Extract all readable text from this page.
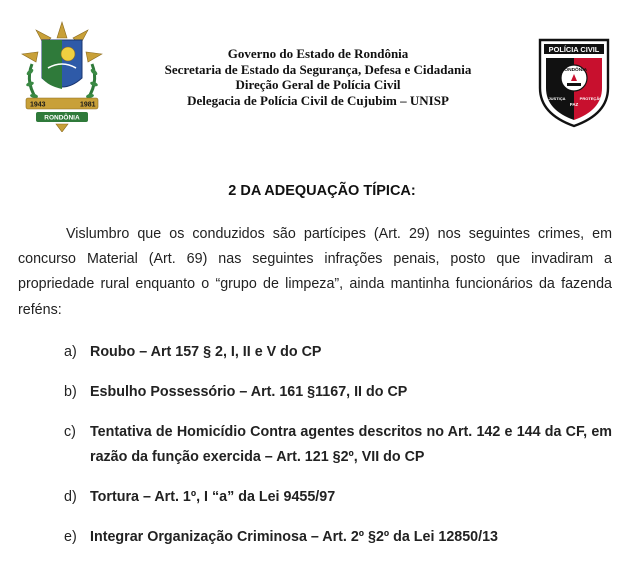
1943	1981
RONDÔNIA
Governo do Estado de Rondônia
Secretaria de Estado da Segurança, Defesa e Cidadania
Direção Geral de Polícia Civil
Delegacia de Polícia Civil de Cujubim – UNISP
POLÍCIA CIVIL
RONDÔNIA
JUSTIÇA
PAZ
PROTEÇÃO
2 DA ADEQUAÇÃO TÍPICA:
Vislumbro que os conduzidos são partícipes (Art. 29) nos seguintes crimes, em concurso Material (Art. 69) nas seguintes infrações penais, posto que invadiram a propriedade rural enquanto o “grupo de limpeza”, ainda mantinha funcionários da fazenda reféns:
a) Roubo – Art 157 § 2, I, II e V do CP
b) Esbulho Possessório – Art. 161 §1167, II do CP
c) Tentativa de Homicídio Contra agentes descritos no Art. 142 e 144 da CF, em razão da função exercida – Art. 121 §2º, VII do CP
d) Tortura – Art. 1º, I “a” da Lei 9455/97
e) Integrar Organização Criminosa – Art. 2º §2º da Lei 12850/13
